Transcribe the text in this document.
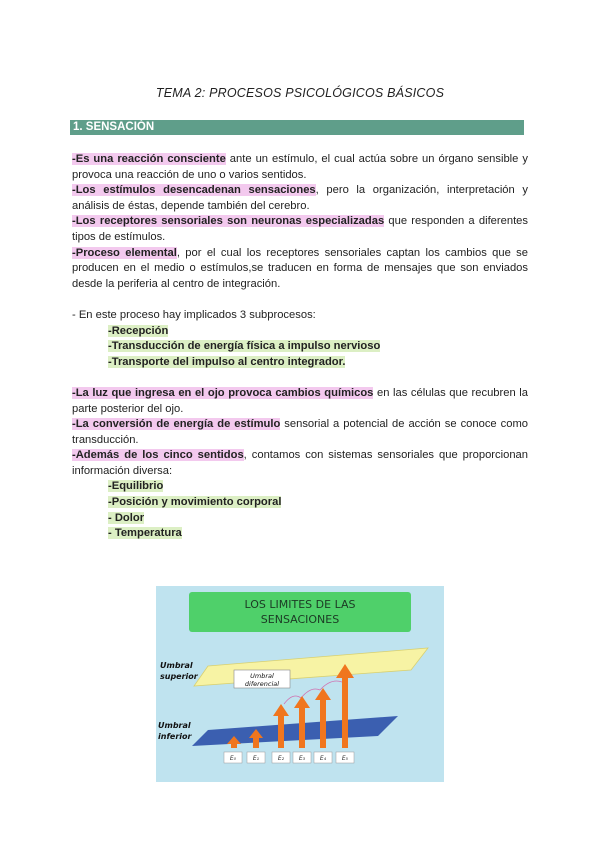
TEMA 2: PROCESOS PSICOLÓGICOS BÁSICOS
1. SENSACIÓN

-Es una reacción consciente ante un estímulo, el cual actúa sobre un órgano sensible y provoca una reacción de uno o varios sentidos.

-Los estímulos desencadenan sensaciones, pero la organización, interpretación y análisis de éstas, depende también del cerebro.

-Los receptores sensoriales son neuronas especializadas que responden a diferentes tipos de estímulos.

-Proceso elemental, por el cual los receptores sensoriales captan los cambios que se producen en el medio o estímulos,se traducen en forma de mensajes que son enviados desde la periferia al centro de integración.

- En este proceso hay implicados 3 subprocesos:

-Recepción
-Transducción de energía física a impulso nervioso
-Transporte del impulso al centro integrador.

-La luz que ingresa en el ojo provoca cambios químicos en las células que recubren la parte posterior del ojo.

-La conversión de energía de estímulo sensorial a potencial de acción se conoce como transducción.

-Además de los cinco sentidos, contamos con sistemas sensoriales que proporcionan información diversa:

-Equilibrio
-Posición y movimiento corporal
- Dolor
- Temperatura
LOS LIMITES DE LAS
SENSACIONES
Umbral
superior
Umbral
inferior
Umbral
diferencial
E₀	E₁	E₂ E₃ E₄	E₅
